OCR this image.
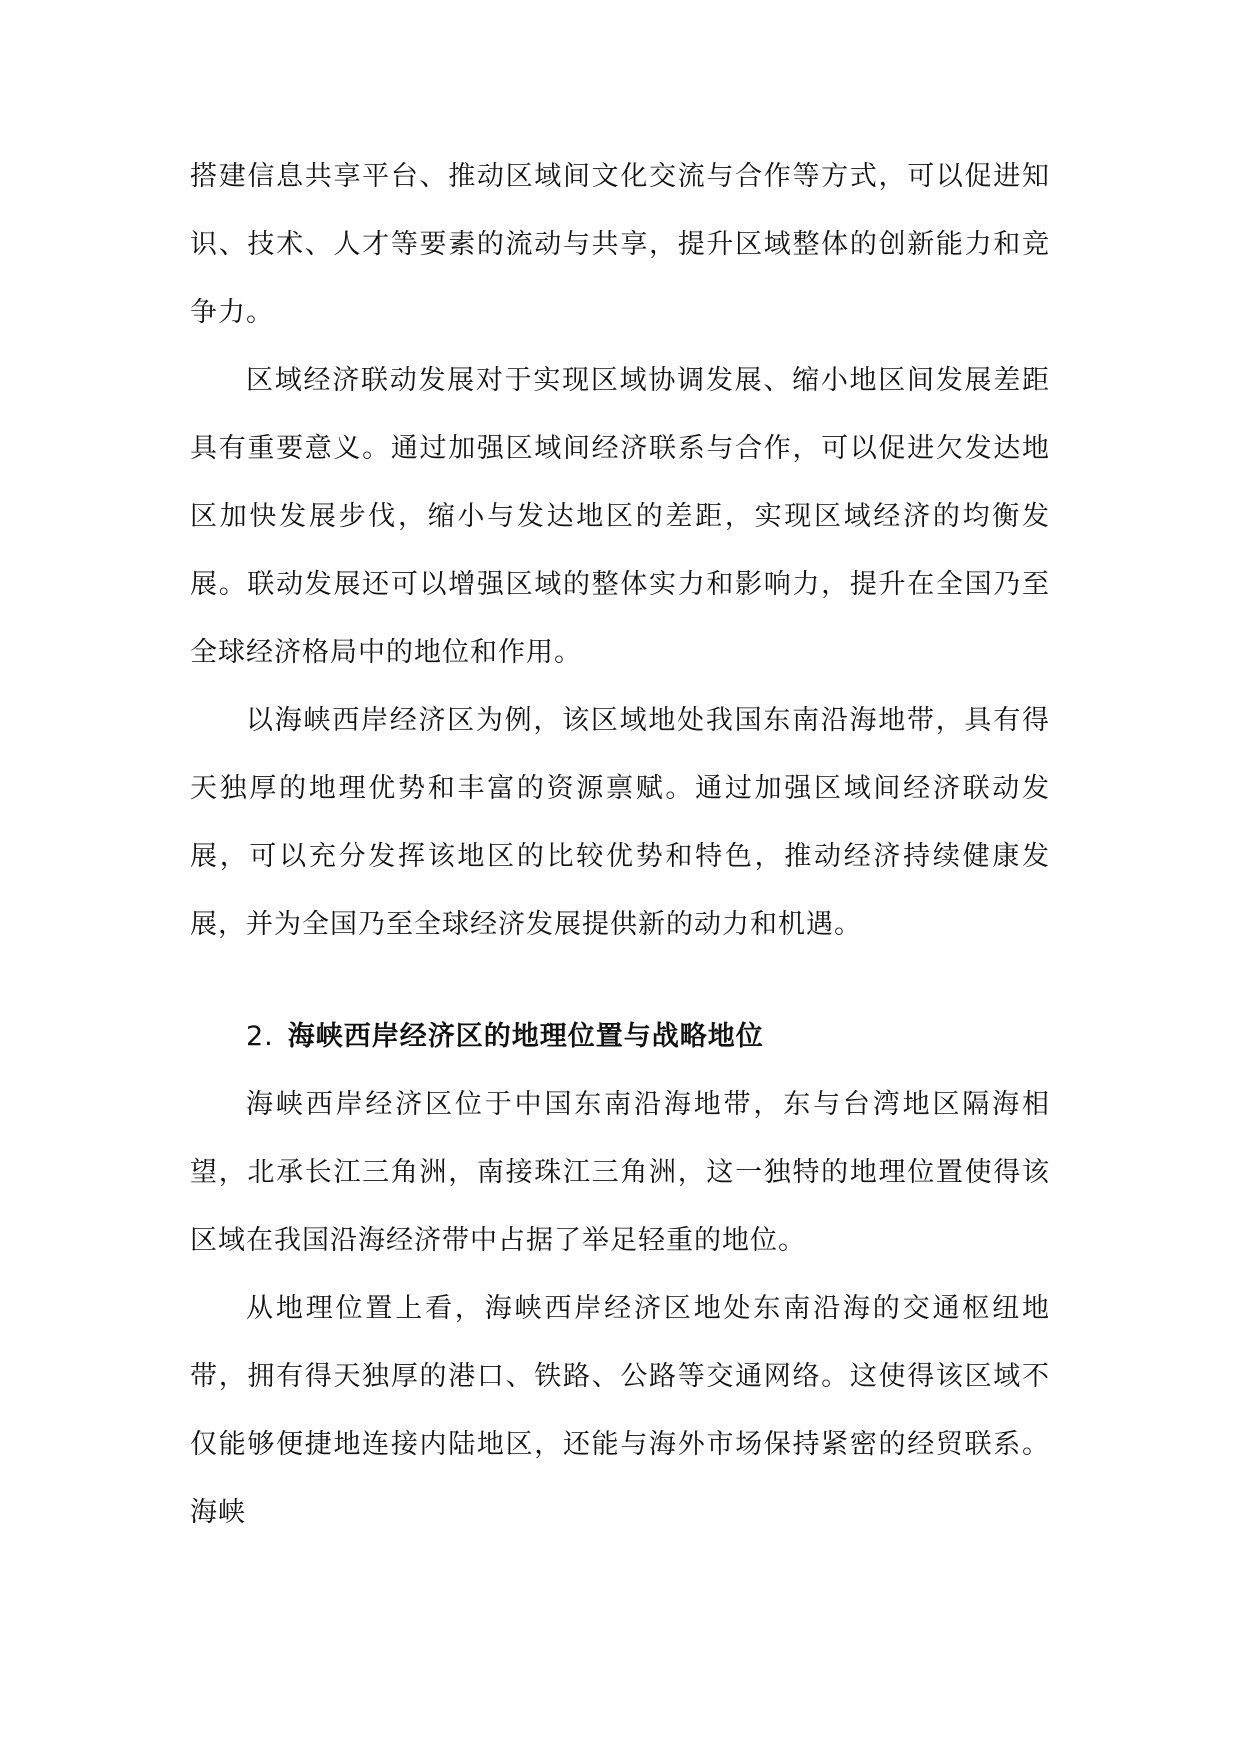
搭建信息共享平台、推动区域间文化交流与合作等方式，可以促进知识、技术、人才等要素的流动与共享，提升区域整体的创新能力和竞争力。

区域经济联动发展对于实现区域协调发展、缩小地区间发展差距具有重要意义。通过加强区域间经济联系与合作，可以促进欠发达地区加快发展步伐，缩小与发达地区的差距，实现区域经济的均衡发展。联动发展还可以增强区域的整体实力和影响力，提升在全国乃至全球经济格局中的地位和作用。

以海峡西岸经济区为例，该区域地处我国东南沿海地带，具有得天独厚的地理优势和丰富的资源禀赋。通过加强区域间经济联动发展，可以充分发挥该地区的比较优势和特色，推动经济持续健康发展，并为全国乃至全球经济发展提供新的动力和机遇。

2. 海峡西岸经济区的地理位置与战略地位

海峡西岸经济区位于中国东南沿海地带，东与台湾地区隔海相望，北承长江三角洲，南接珠江三角洲，这一独特的地理位置使得该区域在我国沿海经济带中占据了举足轻重的地位。

从地理位置上看，海峡西岸经济区地处东南沿海的交通枢纽地带，拥有得天独厚的港口、铁路、公路等交通网络。这使得该区域不仅能够便捷地连接内陆地区，还能与海外市场保持紧密的经贸联系。海峡
